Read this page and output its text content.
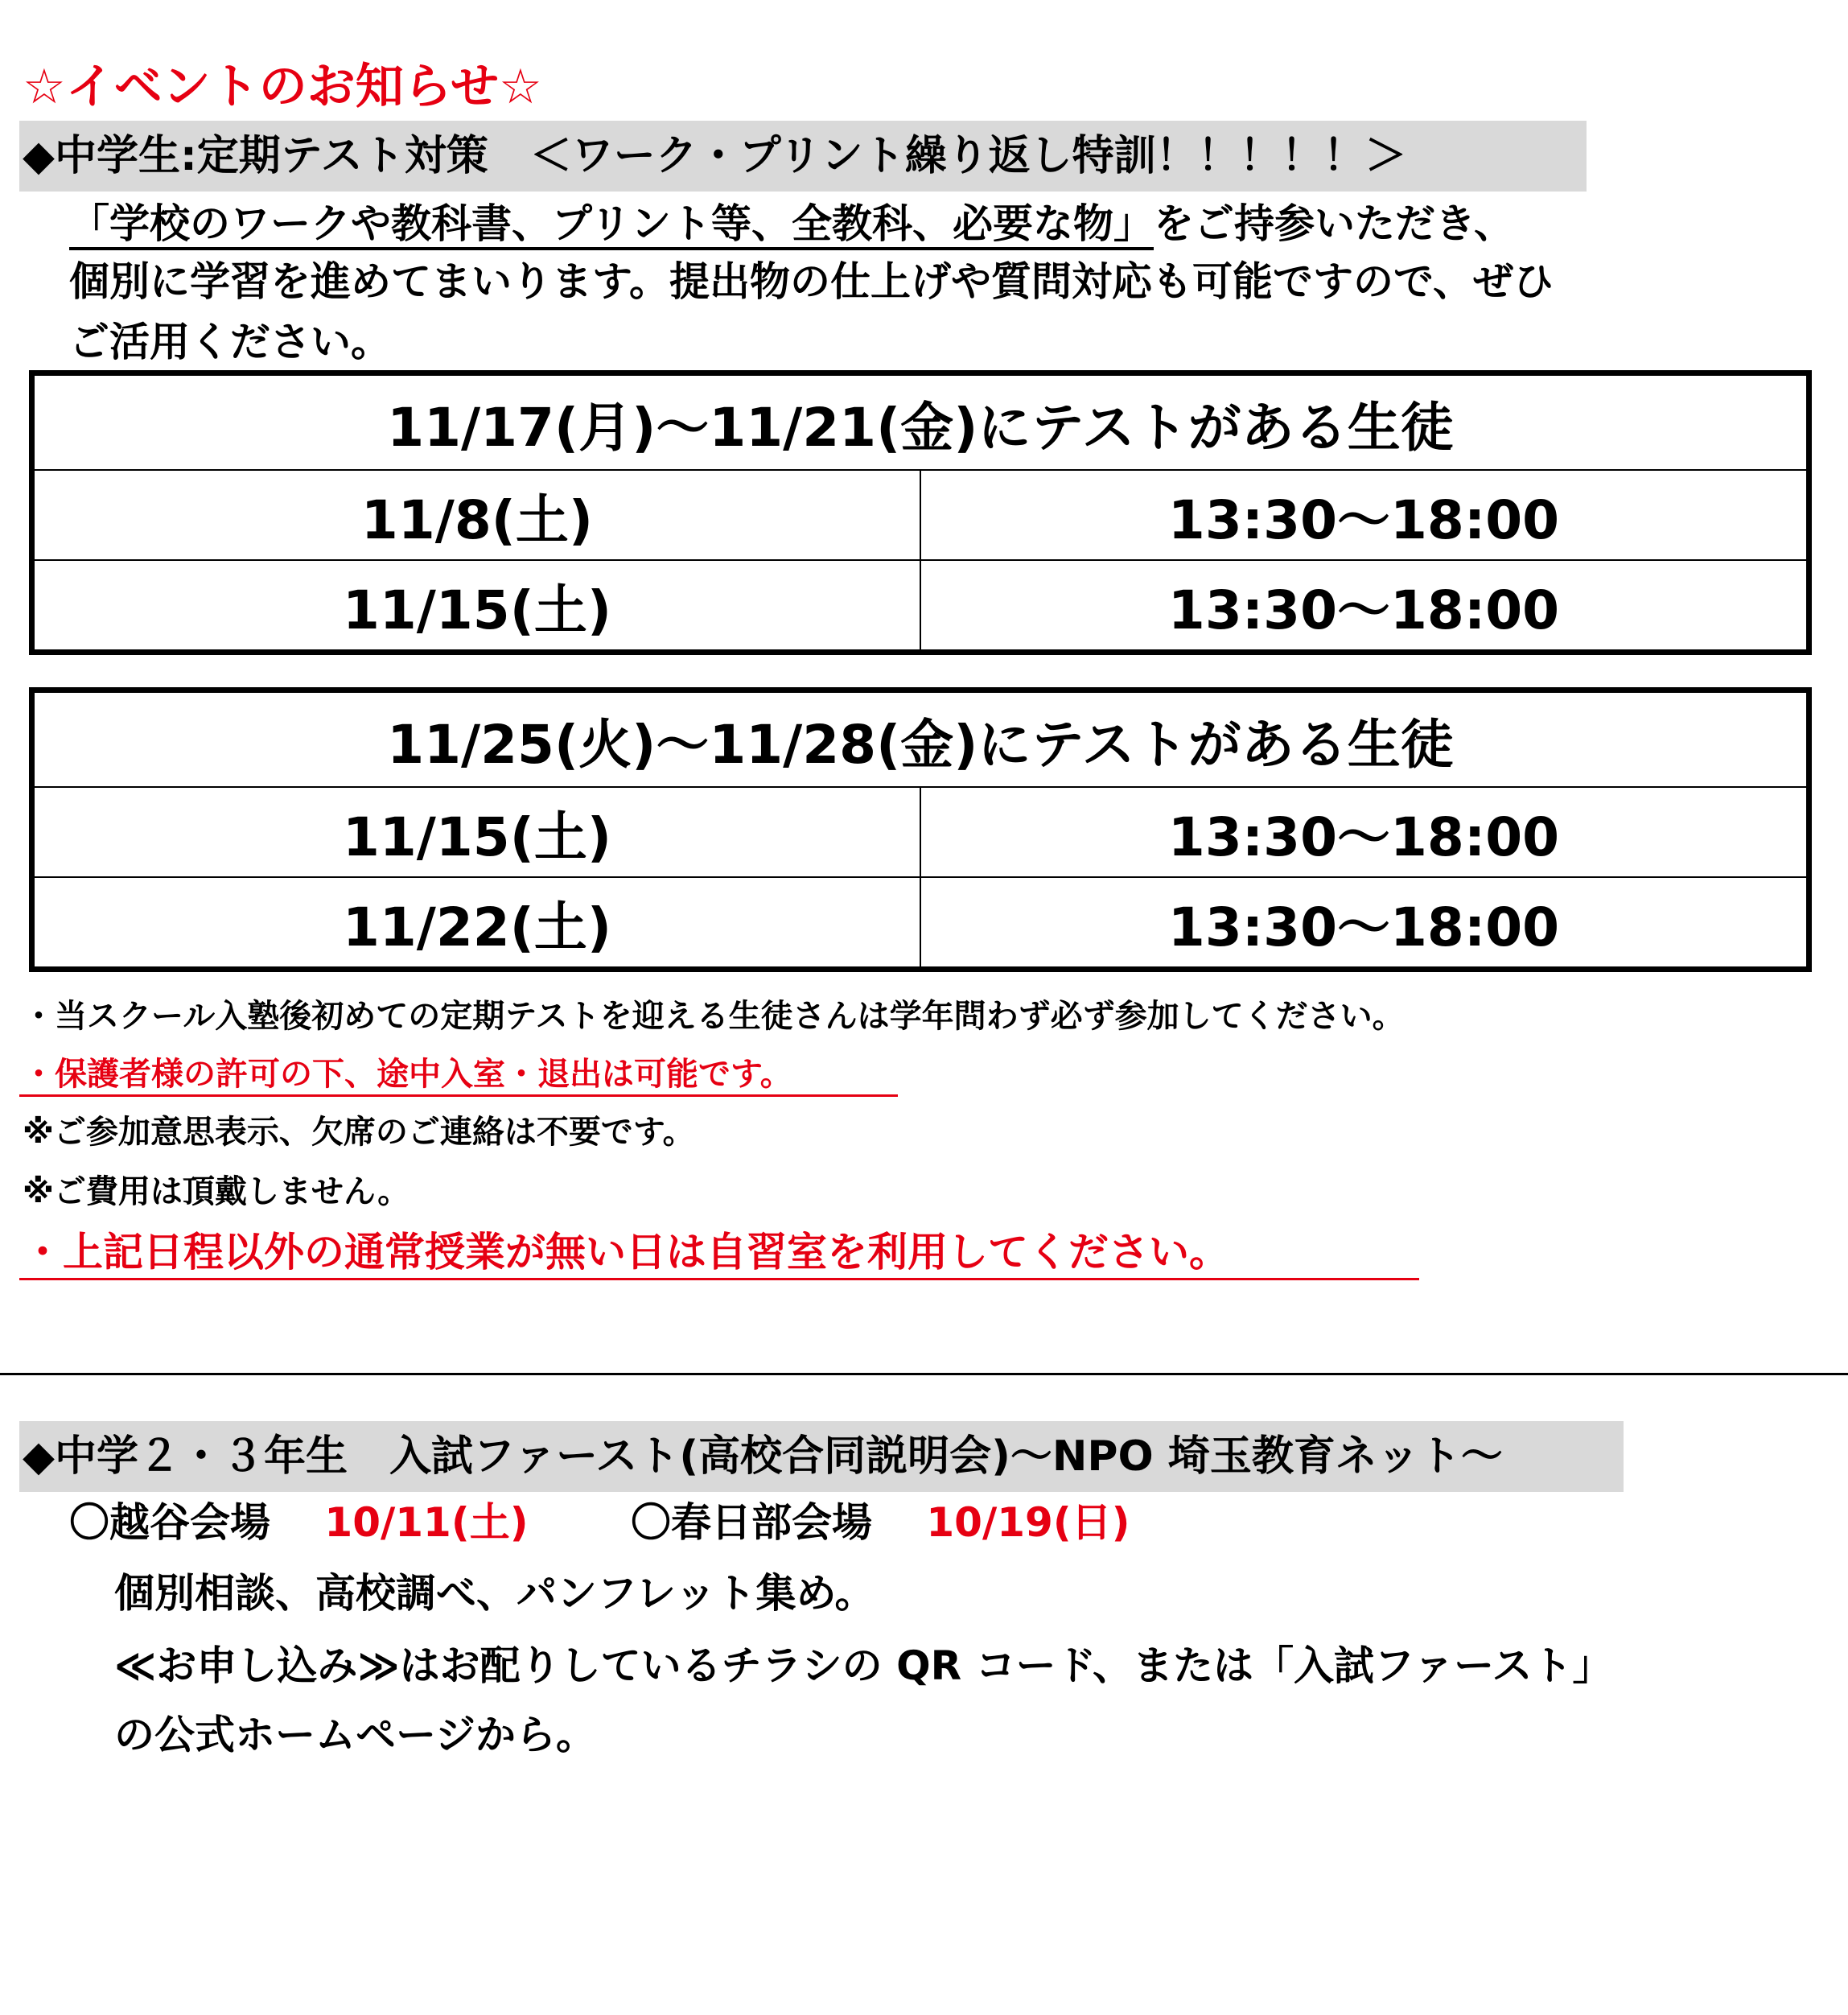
☆イベントのお知らせ☆
◆中学生:定期テスト対策　＜ワーク・プリント繰り返し特訓！！！！！＞
「学校のワークや教科書、プリント等、全教科、必要な物」をご持参いただき、
個別に学習を進めてまいります。提出物の仕上げや質問対応も可能ですので、ぜひ
ご活用ください。
11/17(月)～11/21(金)にテストがある生徒	
11/8(土)	13:30～18:00
11/15(土)	13:30～18:00
11/25(火)～11/28(金)にテストがある生徒	
11/15(土)	13:30～18:00
11/22(土)	13:30～18:00
・当スクール入塾後初めての定期テストを迎える生徒さんは学年問わず必ず参加してください。
・保護者様の許可の下、途中入室・退出は可能です。
※ご参加意思表示、欠席のご連絡は不要です。
※ご費用は頂戴しません。
・上記日程以外の通常授業が無い日は自習室を利用してください。
◆中学２・３年生　入試ファースト(高校合同説明会)～NPO 埼玉教育ネット～
〇越谷会場 10/11(土)	〇春日部会場 10/19(日)
個別相談、高校調べ、パンフレット集め。
≪お申し込み≫はお配りしているチラシの QR コード、または「入試ファースト」
の公式ホームページから。
